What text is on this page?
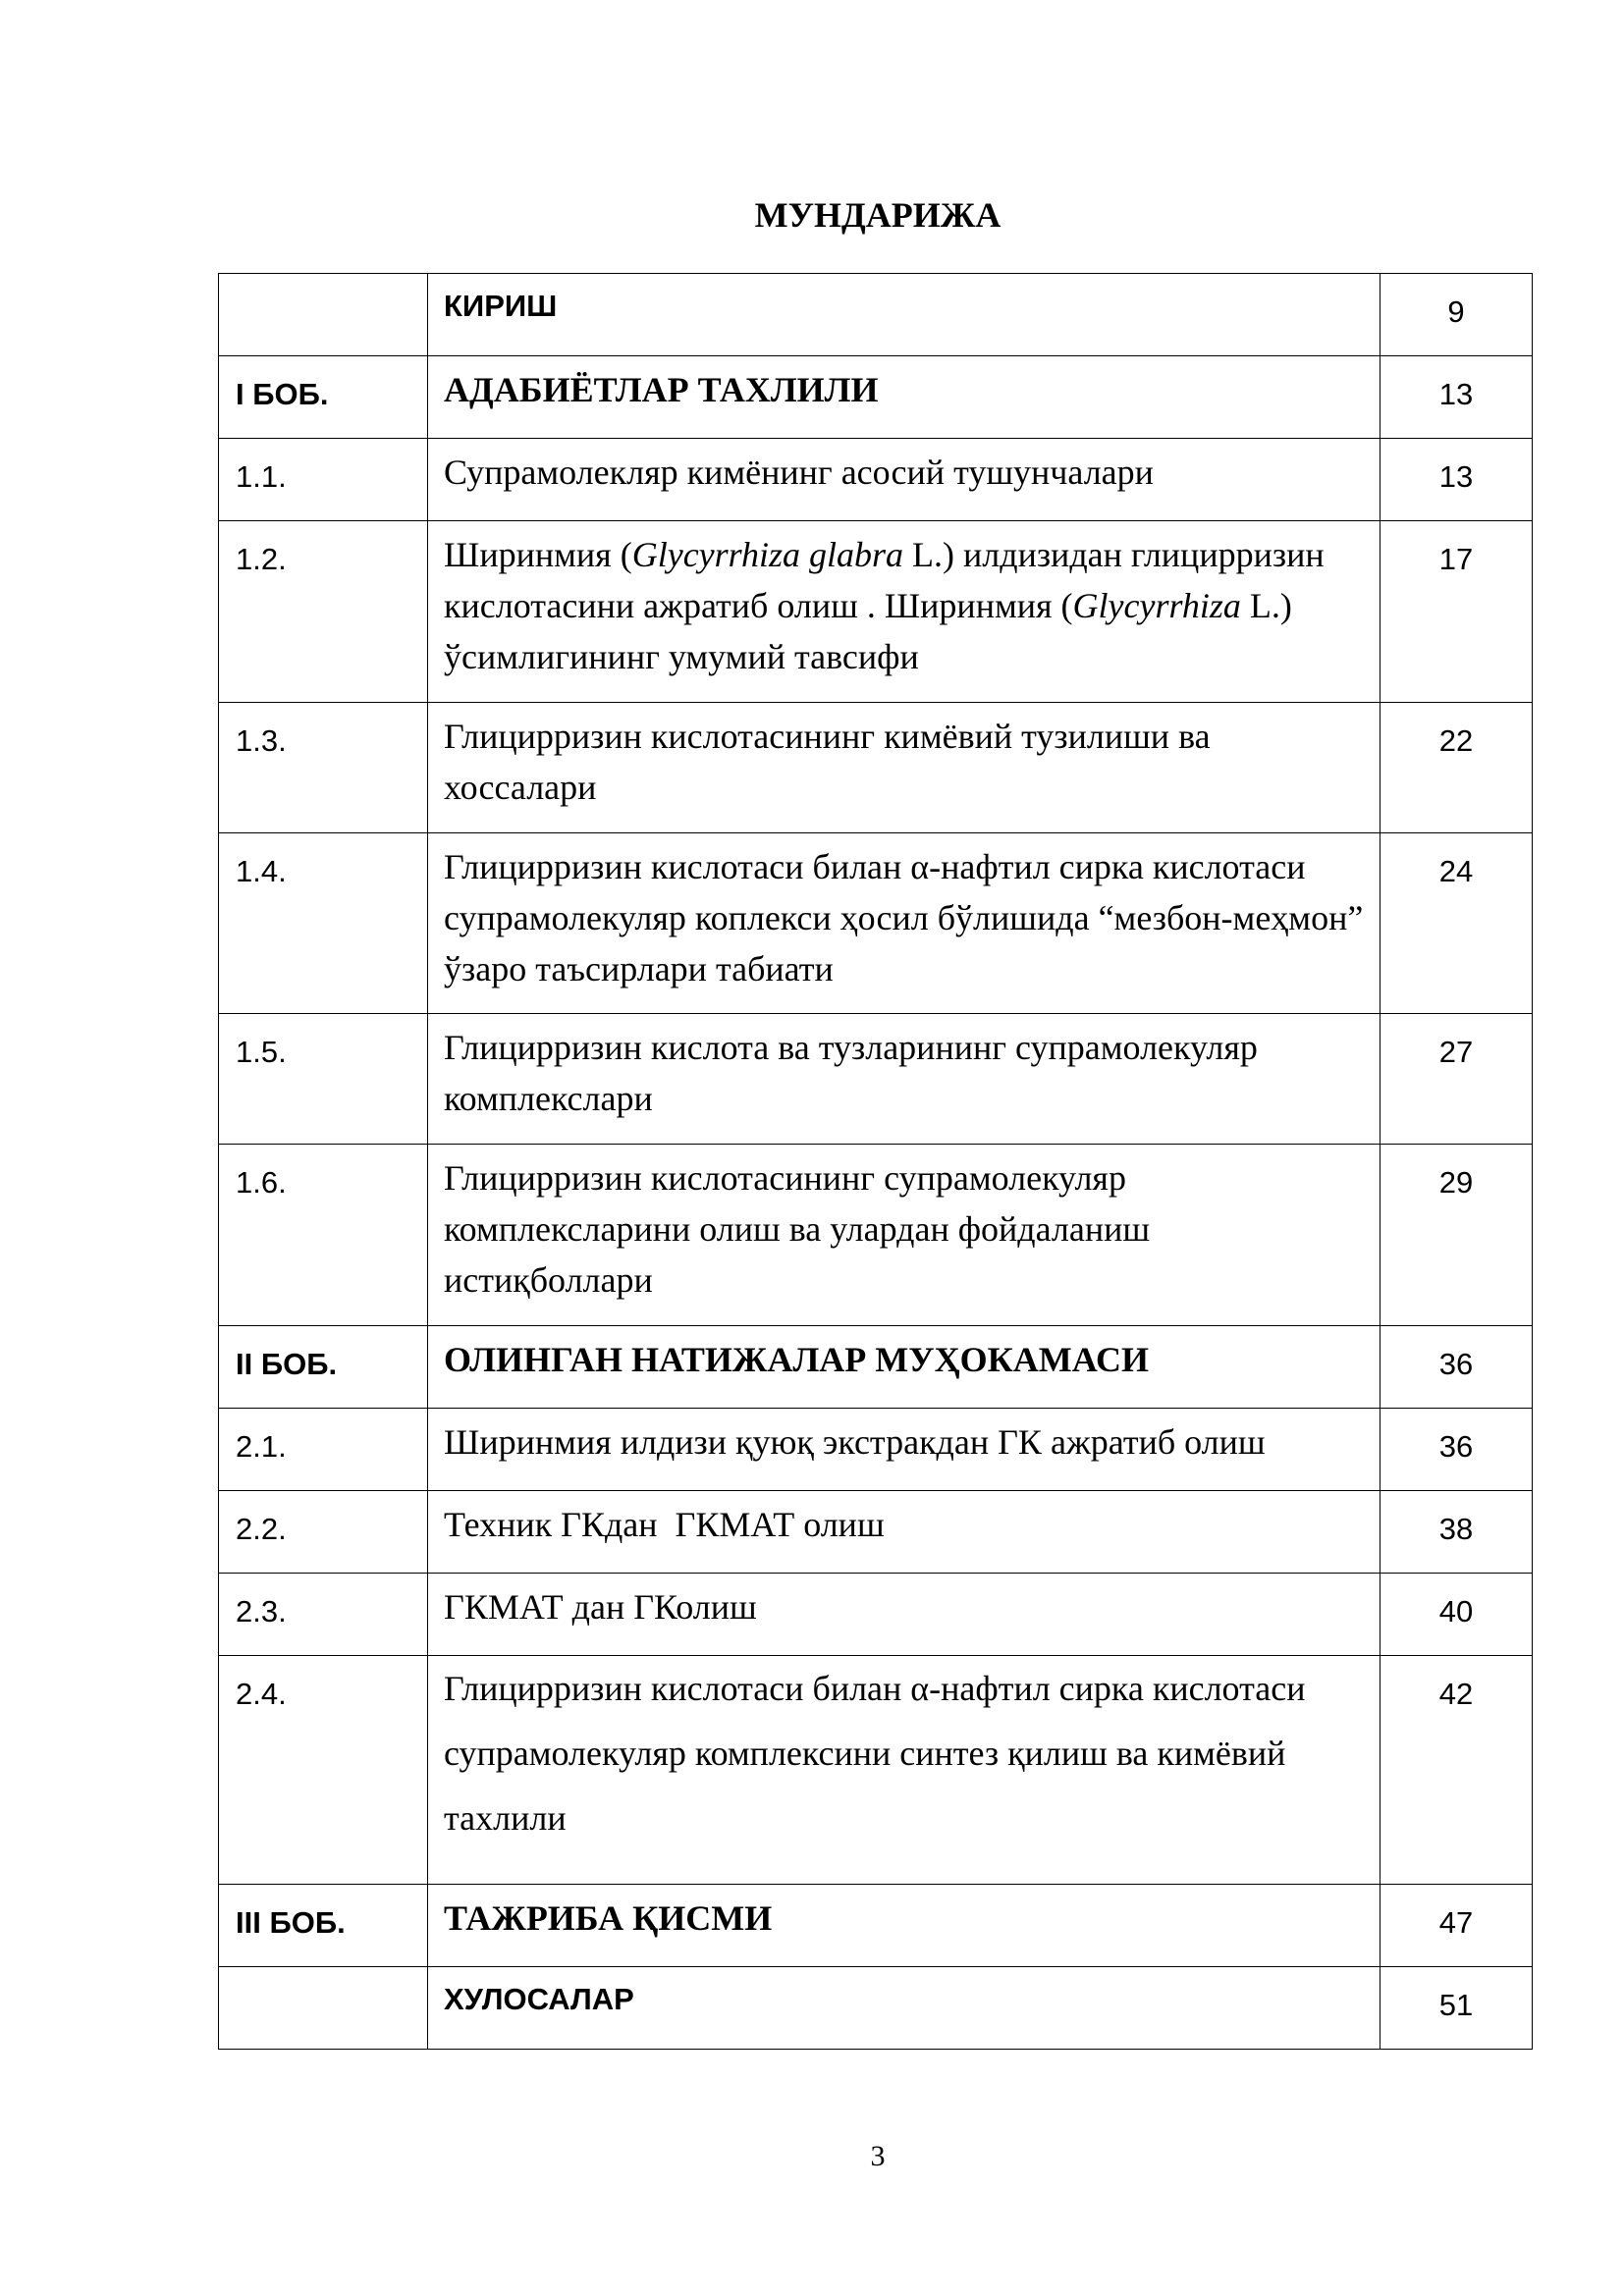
МУНДАРИЖА
	КИРИШ	9
I БОБ.	АДАБИЁТЛАР ТАХЛИЛИ	13
1.1.	Супрамолекляр кимёнинг асосий тушунчалари	13
1.2.	Ширинмия (Glycyrrhiza glabra L.) илдизидан глицирризин кислотасини ажратиб олиш . Ширинмия (Glycyrrhiza L.) ўсимлигининг умумий тавсифи	17
1.3.	Глицирризин кислотасининг кимёвий тузилиши ва хоссалари	22
1.4.	Глицирризин кислотаси билан α-нафтил сирка кислотаси супрамолекуляр коплекси ҳосил бўлишида “мезбон-меҳмон” ўзаро таъсирлари табиати	24
1.5.	Глицирризин кислота ва тузларининг супрамолекуляр комплекслари	27
1.6.	Глицирризин кислотасининг супрамолекуляр комплексларини олиш ва улардан фойдаланиш истиқболлари	29
II БОБ.	ОЛИНГАН НАТИЖАЛАР МУҲОКАМАСИ	36
2.1.	Ширинмия илдизи қуюқ экстракдан ГК ажратиб олиш	36
2.2.	Техник ГКдан  ГКМАТ олиш	38
2.3.	ГКМАТ дан ГКолиш	40
2.4.	Глицирризин кислотаси билан α-нафтил сирка кислотаси супрамолекуляр комплексини синтез қилиш ва кимёвий тахлили	42
III БОБ.	ТАЖРИБА ҚИСМИ	47
	ХУЛОСАЛАР	51
3
